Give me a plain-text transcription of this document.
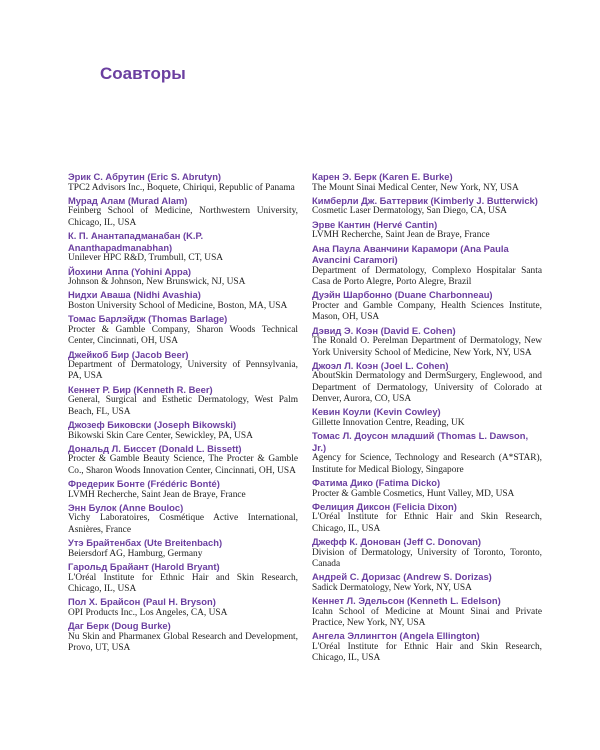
Соавторы
Эрик С. Абрутин (Eric S. Abrutyn)
TPC2 Advisors Inc., Boquete, Chiriqui, Republic of Panama
Мурад Алам (Murad Alam)
Feinberg School of Medicine, Northwestern University, Chicago, IL, USA
К. П. Анантападманабан (K.P. Ananthapadmanabhan)
Unilever HPC R&D, Trumbull, CT, USA
Йохини Аппа (Yohini Appa)
Johnson & Johnson, New Brunswick, NJ, USA
Нидхи Аваша (Nidhi Avashia)
Boston University School of Medicine, Boston, MA, USA
Томас Барлэйдж (Thomas Barlage)
Procter & Gamble Company, Sharon Woods Technical Center, Cincinnati, OH, USA
Джейкоб Бир (Jacob Beer)
Department of Dermatology, University of Pennsylvania, PA, USA
Кеннет Р. Бир (Kenneth R. Beer)
General, Surgical and Esthetic Dermatology, West Palm Beach, FL, USA
Джозеф Биковски (Joseph Bikowski)
Bikowski Skin Care Center, Sewickley, PA, USA
Дональд Л. Биссет (Donald L. Bissett)
Procter & Gamble Beauty Science, The Procter & Gamble Co., Sharon Woods Innovation Center, Cincinnati, OH, USA
Фредерик Бонте (Frédéric Bonté)
LVMH Recherche, Saint Jean de Braye, France
Энн Булок (Anne Bouloc)
Vichy Laboratoires, Cosmétique Active International, Asnières, France
Утэ Брайтенбах (Ute Breitenbach)
Beiersdorf AG, Hamburg, Germany
Гарольд Брайант (Harold Bryant)
L'Oréal Institute for Ethnic Hair and Skin Research, Chicago, IL, USA
Пол Х. Брайсон (Paul H. Bryson)
OPI Products Inc., Los Angeles, CA, USA
Даг Берк (Doug Burke)
Nu Skin and Pharmanex Global Research and Development, Provo, UT, USA
Карен Э. Берк (Karen E. Burke)
The Mount Sinai Medical Center, New York, NY, USA
Кимберли Дж. Баттервик (Kimberly J. Butterwick)
Cosmetic Laser Dermatology, San Diego, CA, USA
Эрве Кантин (Hervé Cantin)
LVMH Recherche, Saint Jean de Braye, France
Ана Паула Аванчини Карамори (Ana Paula Avancini Caramori)
Department of Dermatology, Complexo Hospitalar Santa Casa de Porto Alegre, Porto Alegre, Brazil
Дуэйн Шарбонно (Duane Charbonneau)
Procter and Gamble Company, Health Sciences Institute, Mason, OH, USA
Дэвид Э. Коэн (David E. Cohen)
The Ronald O. Perelman Department of Dermatology, New York University School of Medicine, New York, NY, USA
Джоэл Л. Коэн (Joel L. Cohen)
AboutSkin Dermatology and DermSurgery, Englewood, and Department of Dermatology, University of Colorado at Denver, Aurora, CO, USA
Кевин Коули (Kevin Cowley)
Gillette Innovation Centre, Reading, UK
Томас Л. Доусон младший (Thomas L. Dawson, Jr.)
Agency for Science, Technology and Research (A*STAR), Institute for Medical Biology, Singapore
Фатима Дико (Fatima Dicko)
Procter & Gamble Cosmetics, Hunt Valley, MD, USA
Фелиция Диксон (Felicia Dixon)
L'Oréal Institute for Ethnic Hair and Skin Research, Chicago, IL, USA
Джефф К. Донован (Jeff C. Donovan)
Division of Dermatology, University of Toronto, Toronto, Canada
Андрей С. Доризас (Andrew S. Dorizas)
Sadick Dermatology, New York, NY, USA
Кеннет Л. Эдельсон (Kenneth L. Edelson)
Icahn School of Medicine at Mount Sinai and Private Practice, New York, NY, USA
Ангела Эллингтон (Angela Ellington)
L'Oréal Institute for Ethnic Hair and Skin Research, Chicago, IL, USA
